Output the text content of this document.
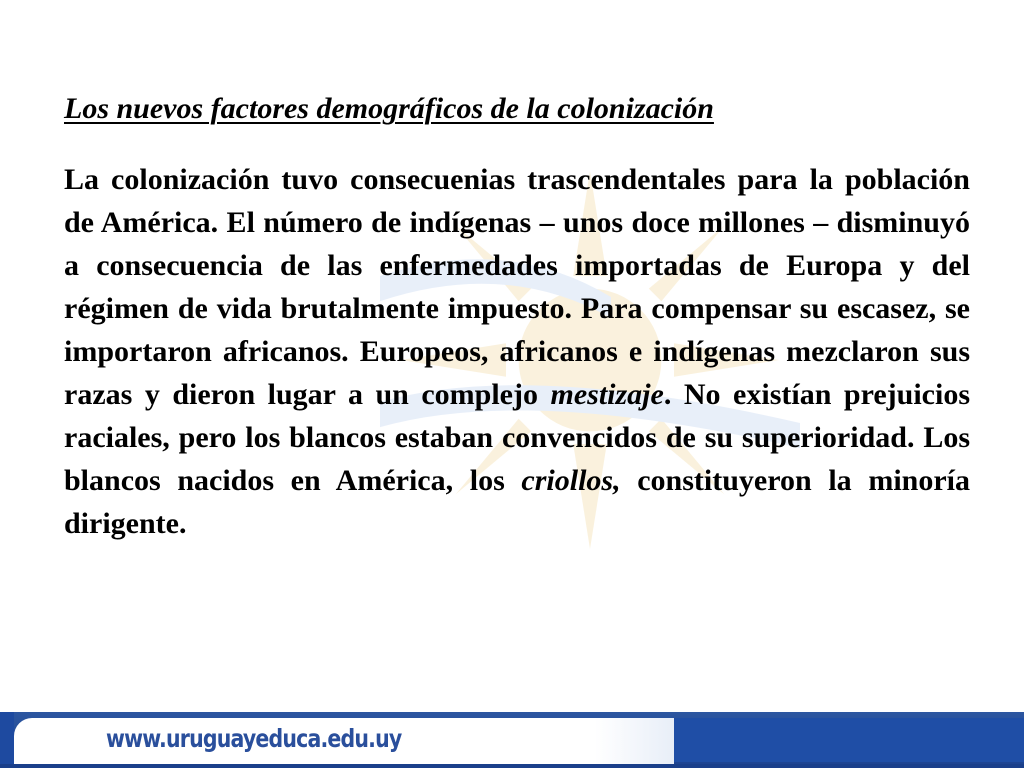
Los nuevos factores demográficos de la colonización

La colonización tuvo consecuenias trascendentales para la población de América. El número de indígenas – unos doce millones – disminuyó a consecuencia de las enfermedades importadas de Europa y del régimen de vida brutalmente impuesto. Para compensar su escasez, se importaron africanos. Europeos, africanos e indígenas mezclaron sus razas y dieron lugar a un complejo mestizaje. No existían prejuicios raciales, pero los blancos estaban convencidos de su superioridad. Los blancos nacidos en América, los criollos, constituyeron la minoría dirigente.

www.uruguayeduca.edu.uy
